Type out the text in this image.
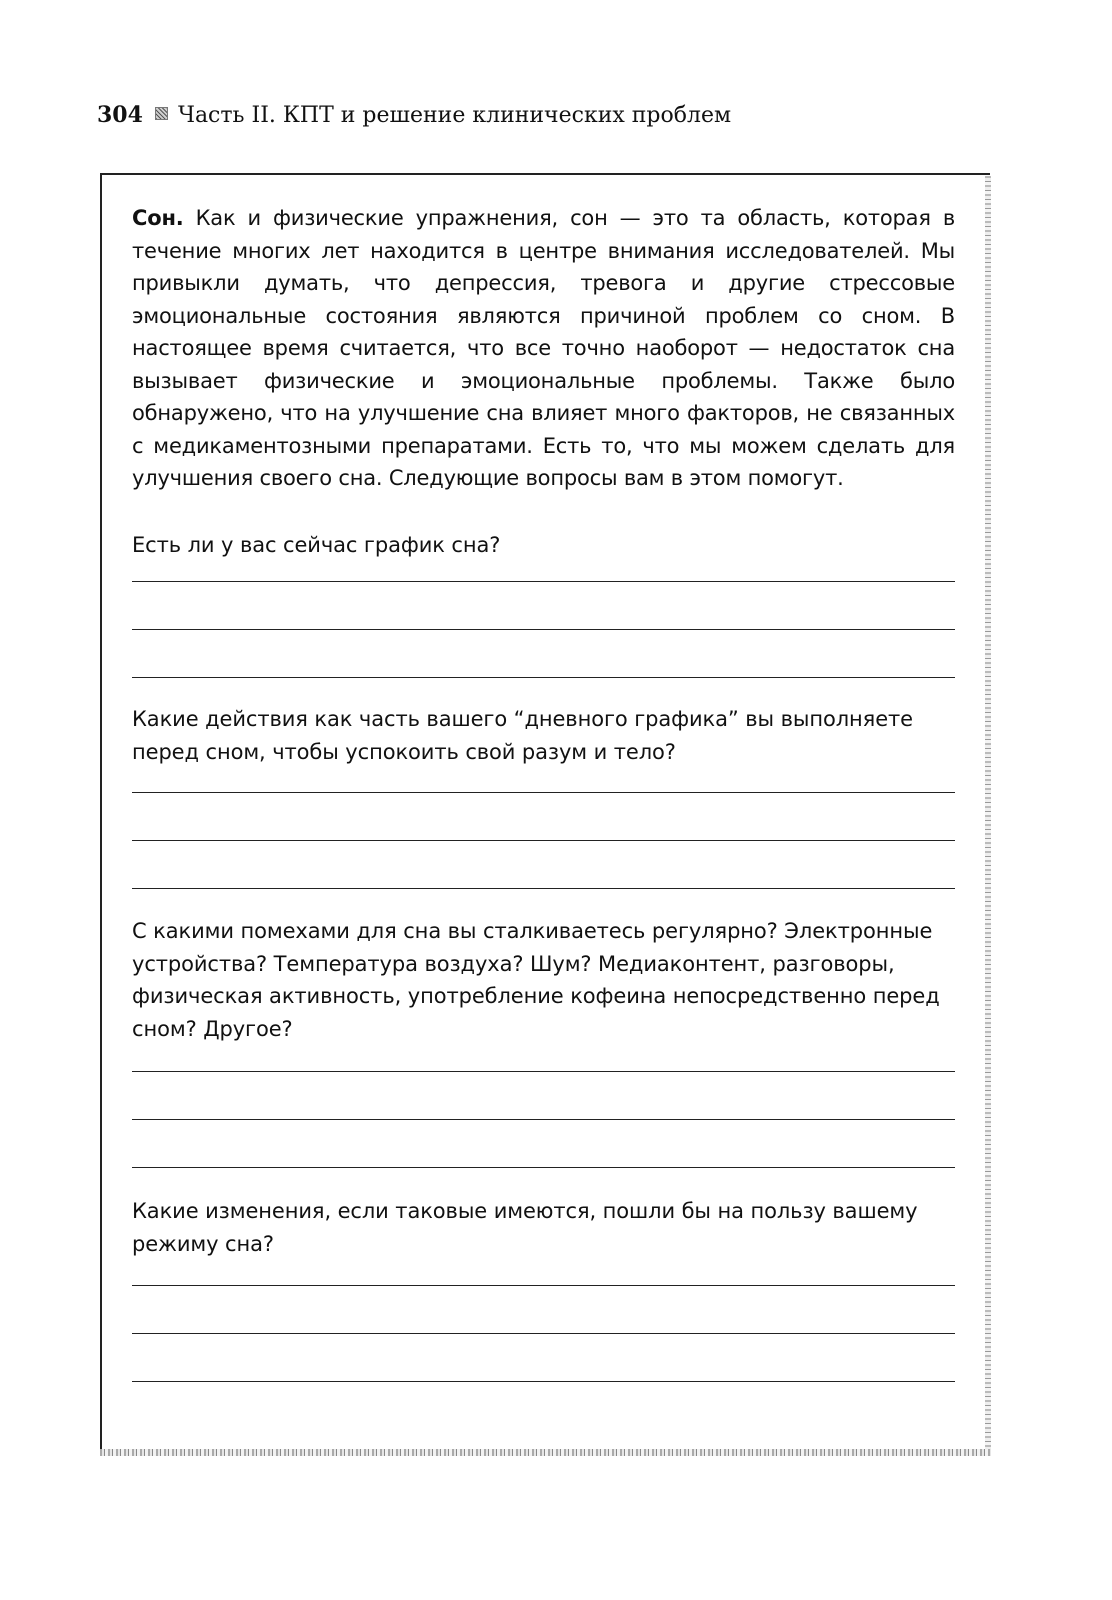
304 Часть II. КПТ и решение клинических проблем

Сон. Как и физические упражнения, сон — это та область, которая в течение многих лет находится в центре внимания исследователей. Мы привыкли думать, что депрессия, тревога и другие стрессовые эмоциональные состояния являются причиной проблем со сном. В настоящее время считается, что все точно наоборот — недостаток сна вызывает физические и эмоциональные проблемы. Также было обнаружено, что на улучшение сна влияет много факторов, не связанных с медикаментозными препаратами. Есть то, что мы можем сделать для улучшения своего сна. Следующие вопросы вам в этом помогут.

Есть ли у вас сейчас график сна?

Какие действия как часть вашего “дневного графика” вы выполняете перед сном, чтобы успокоить свой разум и тело?

С какими помехами для сна вы сталкиваетесь регулярно? Электронные устройства? Температура воздуха? Шум? Медиаконтент, разговоры, физическая активность, употребление кофеина непосредственно перед сном? Другое?

Какие изменения, если таковые имеются, пошли бы на пользу вашему режиму сна?
